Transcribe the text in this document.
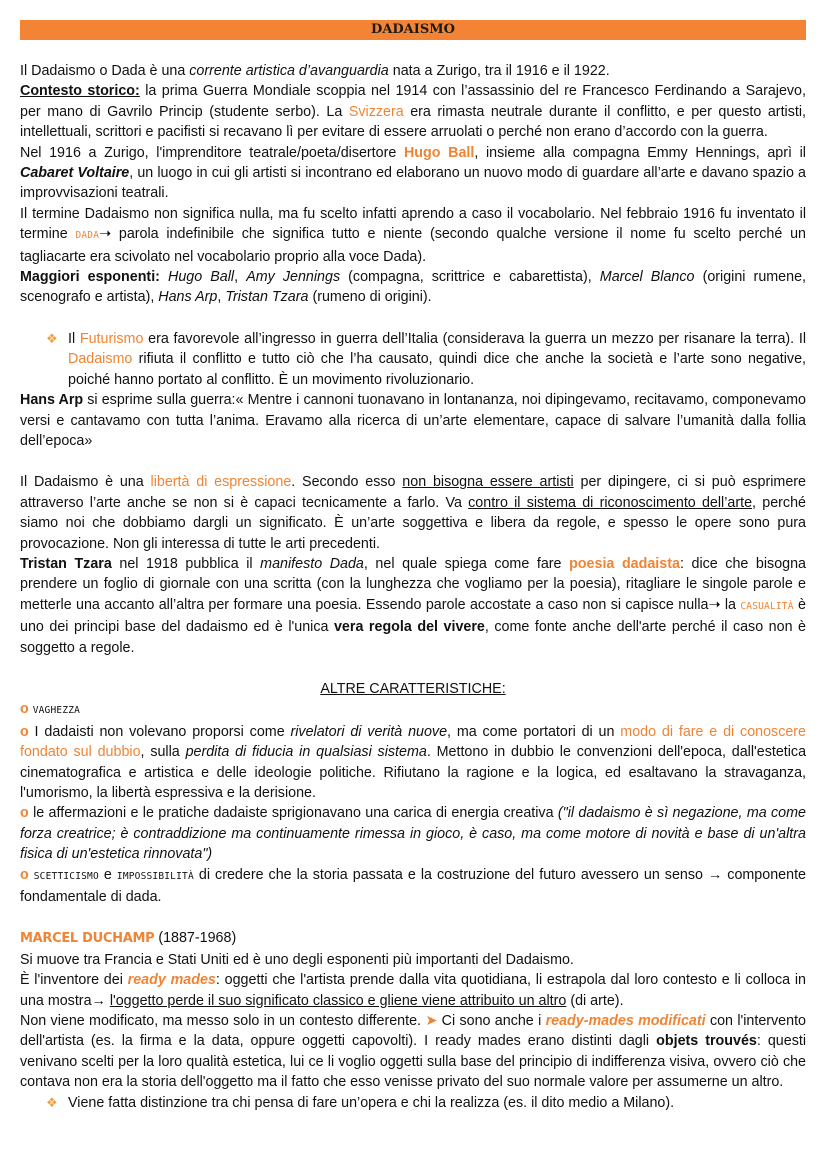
DADAISMO

Il Dadaismo o Dada è una corrente artistica d’avanguardia nata a Zurigo, tra il 1916 e il 1922.

Contesto storico: la prima Guerra Mondiale scoppia nel 1914 con l’assassinio del re Francesco Ferdinando a Sarajevo, per mano di Gavrilo Princip (studente serbo). La Svizzera era rimasta neutrale durante il conflitto, e per questo artisti, intellettuali, scrittori e pacifisti si recavano lì per evitare di essere arruolati o perché non erano d’accordo con la guerra.

Nel 1916 a Zurigo, l'imprenditore teatrale/poeta/disertore Hugo Ball, insieme alla compagna Emmy Hennings, aprì il Cabaret Voltaire, un luogo in cui gli artisti si incontrano ed elaborano un nuovo modo di guardare all’arte e davano spazio a improvvisazioni teatrali.

Il termine Dadaismo non significa nulla, ma fu scelto infatti aprendo a caso il vocabolario. Nel febbraio 1916 fu inventato il termine DADA➝ parola indefinibile che significa tutto e niente (secondo qualche versione il nome fu scelto perché un tagliacarte era scivolato nel vocabolario proprio alla voce Dada).

Maggiori esponenti: Hugo Ball, Amy Jennings (compagna, scrittrice e cabarettista), Marcel Blanco (origini rumene, scenografo e artista), Hans Arp, Tristan Tzara (rumeno di origini).

❖ Il Futurismo era favorevole all’ingresso in guerra dell’Italia (considerava la guerra un mezzo per risanare la terra). Il Dadaismo rifiuta il conflitto e tutto ciò che l’ha causato, quindi dice che anche la società e l’arte sono negative, poiché hanno portato al conflitto. È un movimento rivoluzionario.

Hans Arp si esprime sulla guerra:« Mentre i cannoni tuonavano in lontananza, noi dipingevamo, recitavamo, componevamo versi e cantavamo con tutta l’anima. Eravamo alla ricerca di un’arte elementare, capace di salvare l’umanità dalla follia dell’epoca»

Il Dadaismo è una libertà di espressione. Secondo esso non bisogna essere artisti per dipingere, ci si può esprimere attraverso l’arte anche se non si è capaci tecnicamente a farlo. Va contro il sistema di riconoscimento dell’arte, perché siamo noi che dobbiamo dargli un significato. È un’arte soggettiva e libera da regole, e spesso le opere sono pura provocazione. Non gli interessa di tutte le arti precedenti.

Tristan Tzara nel 1918 pubblica il manifesto Dada, nel quale spiega come fare poesia dadaista: dice che bisogna prendere un foglio di giornale con una scritta (con la lunghezza che vogliamo per la poesia), ritagliare le singole parole e metterle una accanto all’altra per formare una poesia. Essendo parole accostate a caso non si capisce nulla➝ la CASUALITÀ è uno dei principi base del dadaismo ed è l'unica vera regola del vivere, come fonte anche dell'arte perché il caso non è soggetto a regole.

ALTRE CARATTERISTICHE:

o VAGHEZZA

o I dadaisti non volevano proporsi come rivelatori di verità nuove, ma come portatori di un modo di fare e di conoscere fondato sul dubbio, sulla perdita di fiducia in qualsiasi sistema. Mettono in dubbio le convenzioni dell'epoca, dall'estetica cinematografica e artistica e delle ideologie politiche. Rifiutano la ragione e la logica, ed esaltavano la stravaganza, l'umorismo, la libertà espressiva e la derisione.

o le affermazioni e le pratiche dadaiste sprigionavano una carica di energia creativa ("il dadaismo è sì negazione, ma come forza creatrice; è contraddizione ma continuamente rimessa in gioco, è caso, ma come motore di novità e base di un'altra fisica di un'estetica rinnovata")

o SCETTICISMO e IMPOSSIBILITÀ di credere che la storia passata e la costruzione del futuro avessero un senso → componente fondamentale di dada.

MARCEL DUCHAMP (1887-1968)

Si muove tra Francia e Stati Uniti ed è uno degli esponenti più importanti del Dadaismo.

È l'inventore dei ready mades: oggetti che l'artista prende dalla vita quotidiana, li estrapola dal loro contesto e li colloca in una mostra→ l'oggetto perde il suo significato classico e gliene viene attribuito un altro (di arte).

Non viene modificato, ma messo solo in un contesto differente. ➤ Ci sono anche i ready-mades modificati con l'intervento dell'artista (es. la firma e la data, oppure oggetti capovolti). I ready mades erano distinti dagli objets trouvés: questi venivano scelti per la loro qualità estetica, lui ce li voglio oggetti sulla base del principio di indifferenza visiva, ovvero ciò che contava non era la storia dell'oggetto ma il fatto che esso venisse privato del suo normale valore per assumerne un altro.

❖ Viene fatta distinzione tra chi pensa di fare un’opera e chi la realizza (es. il dito medio a Milano).
